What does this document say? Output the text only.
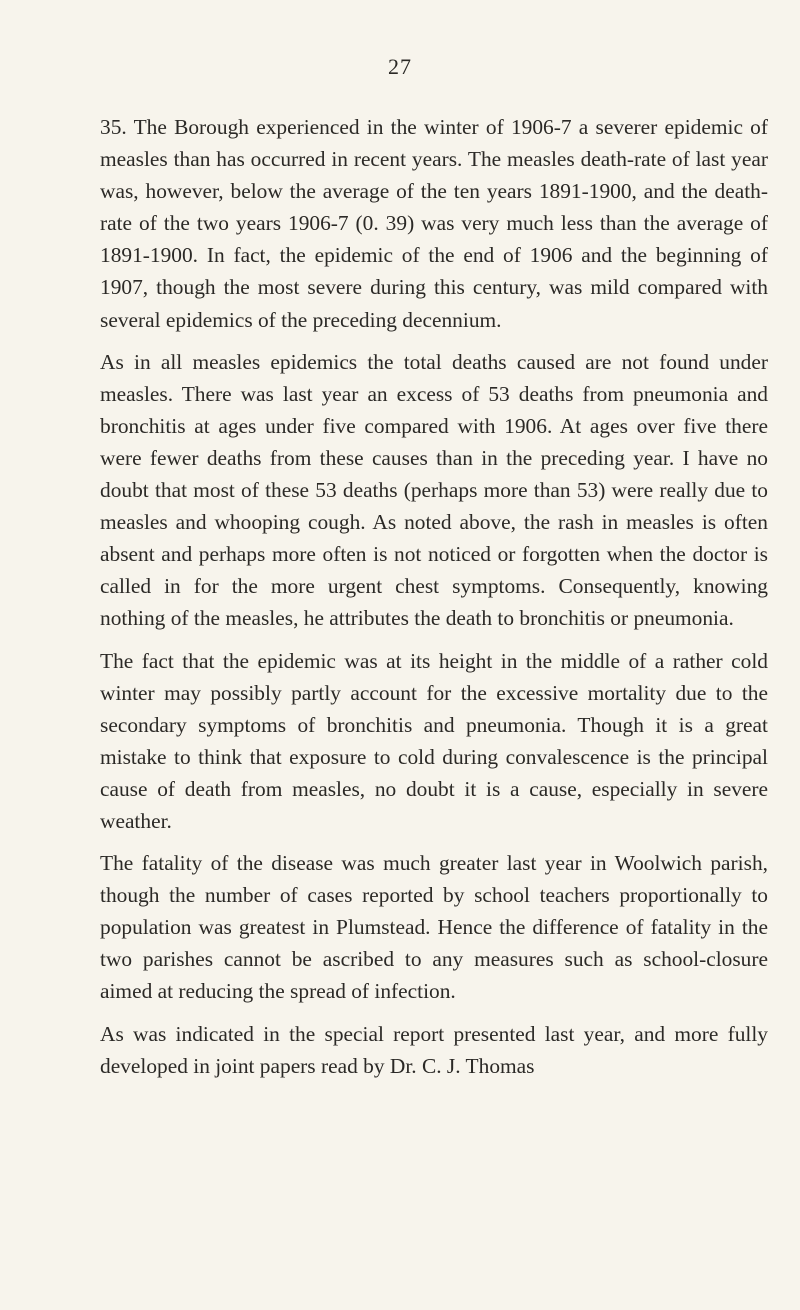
27

35. The Borough experienced in the winter of 1906-7 a severer epidemic of measles than has occurred in recent years. The measles death-rate of last year was, however, below the average of the ten years 1891-1900, and the death-rate of the two years 1906-7 (0. 39) was very much less than the average of 1891-1900. In fact, the epidemic of the end of 1906 and the beginning of 1907, though the most severe during this century, was mild compared with several epidemics of the preceding decennium.

As in all measles epidemics the total deaths caused are not found under measles. There was last year an excess of 53 deaths from pneumonia and bronchitis at ages under five compared with 1906. At ages over five there were fewer deaths from these causes than in the preceding year. I have no doubt that most of these 53 deaths (perhaps more than 53) were really due to measles and whooping cough. As noted above, the rash in measles is often absent and perhaps more often is not noticed or forgotten when the doctor is called in for the more urgent chest symptoms. Consequently, knowing nothing of the measles, he attributes the death to bronchitis or pneumonia.

The fact that the epidemic was at its height in the middle of a rather cold winter may possibly partly account for the excessive mortality due to the secondary symptoms of bronchitis and pneumonia. Though it is a great mistake to think that exposure to cold during convalescence is the principal cause of death from measles, no doubt it is a cause, especially in severe weather.

The fatality of the disease was much greater last year in Woolwich parish, though the number of cases reported by school teachers proportionally to population was greatest in Plumstead. Hence the difference of fatality in the two parishes cannot be ascribed to any measures such as school-closure aimed at reducing the spread of infection.

As was indicated in the special report presented last year, and more fully developed in joint papers read by Dr. C. J. Thomas
